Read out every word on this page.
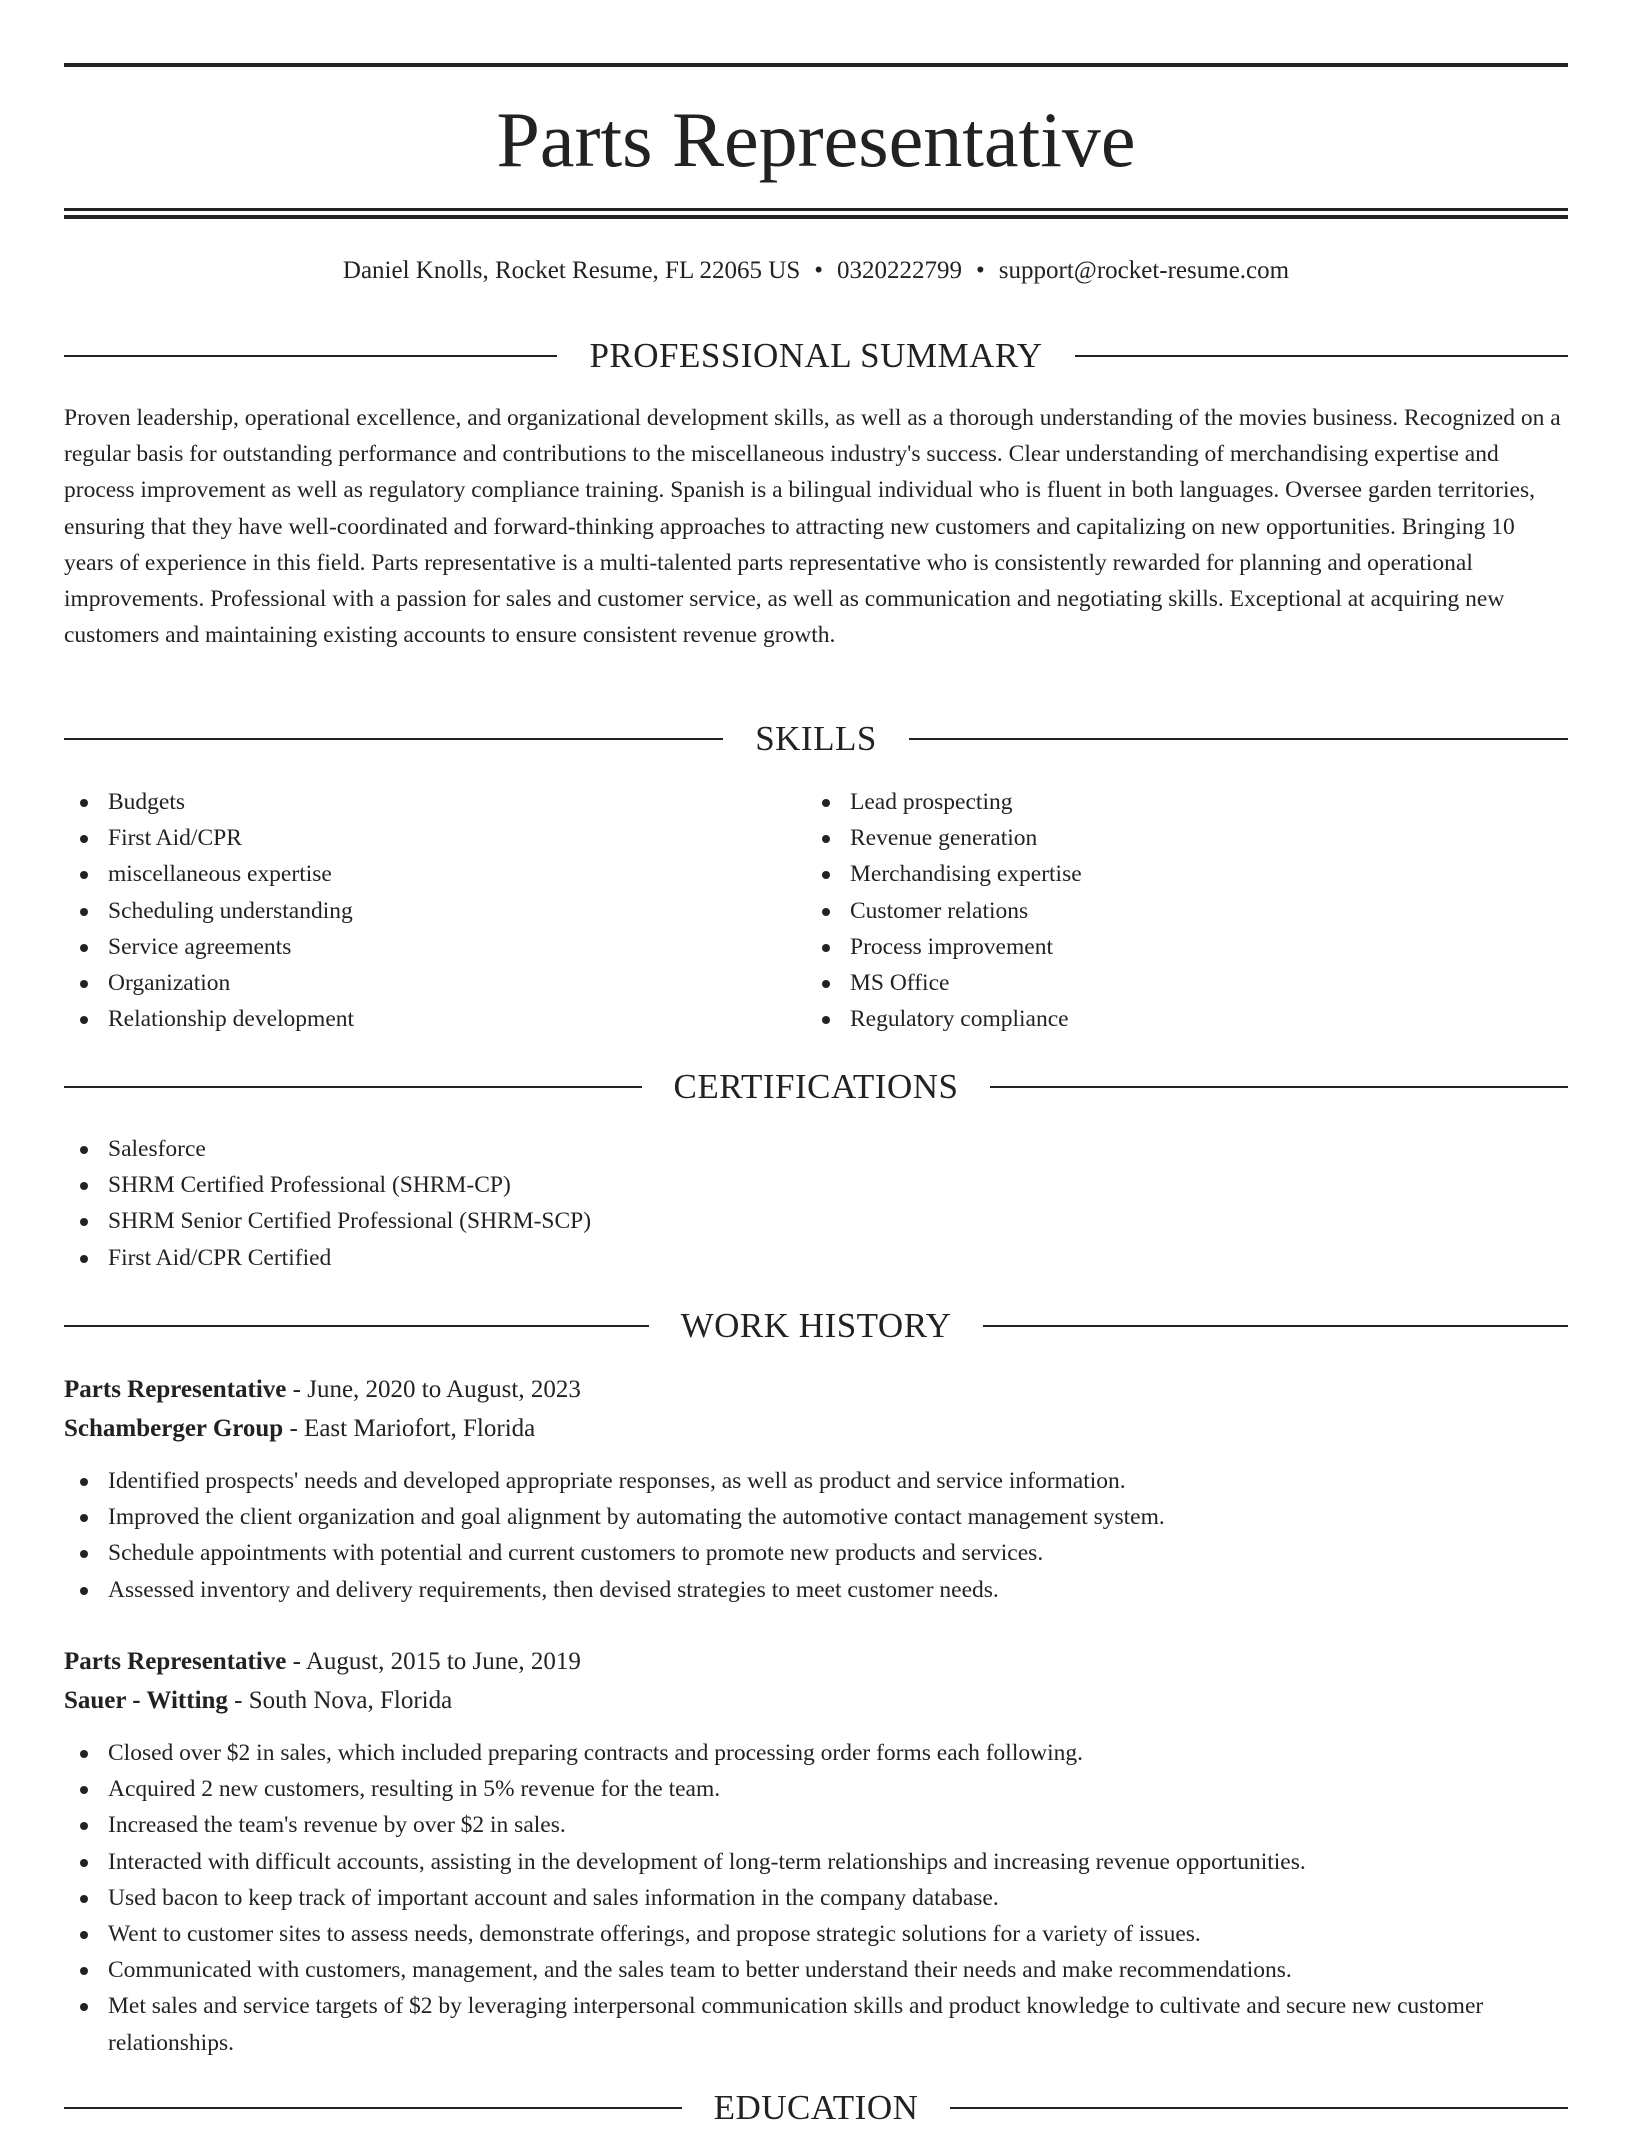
Parts Representative
Daniel Knolls, Rocket Resume, FL 22065 US • 0320222799 • support@rocket-resume.com
PROFESSIONAL SUMMARY

Proven leadership, operational excellence, and organizational development skills, as well as a thorough understanding of the movies business. Recognized on a regular basis for outstanding performance and contributions to the miscellaneous industry's success. Clear understanding of merchandising expertise and process improvement as well as regulatory compliance training. Spanish is a bilingual individual who is fluent in both languages. Oversee garden territories, ensuring that they have well-coordinated and forward-thinking approaches to attracting new customers and capitalizing on new opportunities. Bringing 10 years of experience in this field. Parts representative is a multi-talented parts representative who is consistently rewarded for planning and operational improvements. Professional with a passion for sales and customer service, as well as communication and negotiating skills. Exceptional at acquiring new customers and maintaining existing accounts to ensure consistent revenue growth.

SKILLS
Budgets
First Aid/CPR
miscellaneous expertise
Scheduling understanding
Service agreements
Organization
Relationship development
Lead prospecting
Revenue generation
Merchandising expertise
Customer relations
Process improvement
MS Office
Regulatory compliance
CERTIFICATIONS
Salesforce
SHRM Certified Professional (SHRM-CP)
SHRM Senior Certified Professional (SHRM-SCP)
First Aid/CPR Certified
WORK HISTORY
Parts Representative - June, 2020 to August, 2023
Schamberger Group - East Mariofort, Florida
Identified prospects' needs and developed appropriate responses, as well as product and service information.
Improved the client organization and goal alignment by automating the automotive contact management system.
Schedule appointments with potential and current customers to promote new products and services.
Assessed inventory and delivery requirements, then devised strategies to meet customer needs.
Parts Representative - August, 2015 to June, 2019
Sauer - Witting - South Nova, Florida
Closed over $2 in sales, which included preparing contracts and processing order forms each following.
Acquired 2 new customers, resulting in 5% revenue for the team.
Increased the team's revenue by over $2 in sales.
Interacted with difficult accounts, assisting in the development of long-term relationships and increasing revenue opportunities.
Used bacon to keep track of important account and sales information in the company database.
Went to customer sites to assess needs, demonstrate offerings, and propose strategic solutions for a variety of issues.
Communicated with customers, management, and the sales team to better understand their needs and make recommendations.
Met sales and service targets of $2 by leveraging interpersonal communication skills and product knowledge to cultivate and secure new customer relationships.
EDUCATION
